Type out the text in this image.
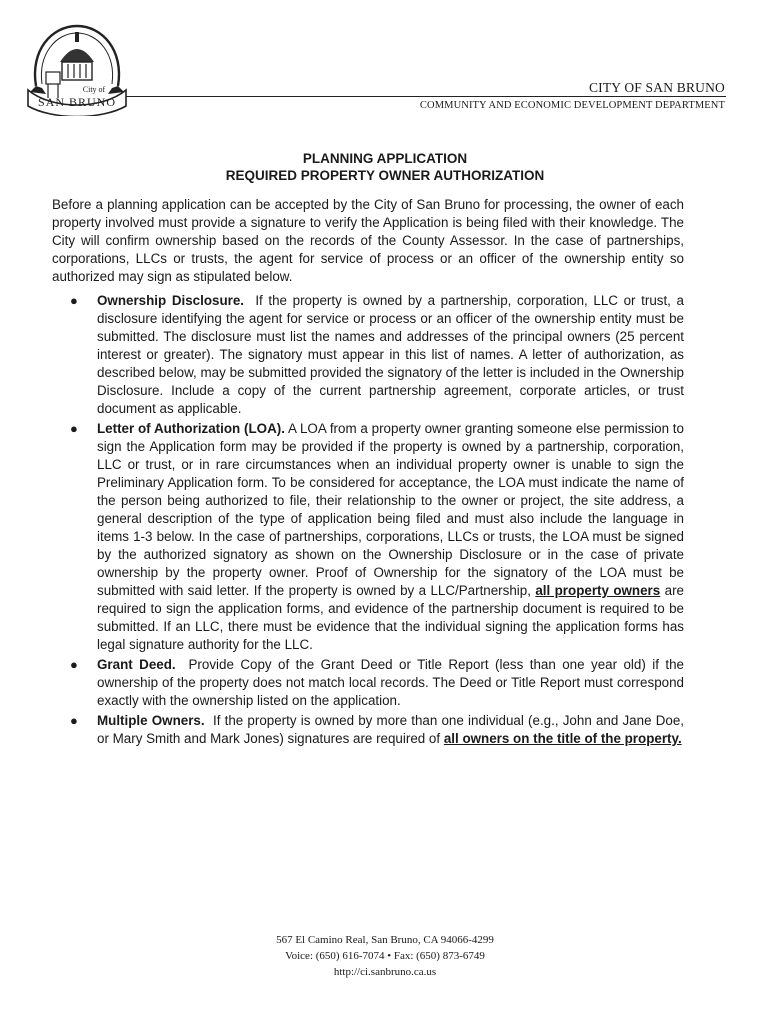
City of
SAN BRUNO
CITY OF SAN BRUNO
COMMUNITY AND ECONOMIC DEVELOPMENT DEPARTMENT
PLANNING APPLICATION
REQUIRED PROPERTY OWNER AUTHORIZATION

Before a planning application can be accepted by the City of San Bruno for processing, the owner of each property involved must provide a signature to verify the Application is being filed with their knowledge. The City will confirm ownership based on the records of the County Assessor. In the case of partnerships, corporations, LLCs or trusts, the agent for service of process or an officer of the ownership entity so authorized may sign as stipulated below.

● Ownership Disclosure. If the property is owned by a partnership, corporation, LLC or trust, a disclosure identifying the agent for service or process or an officer of the ownership entity must be submitted. The disclosure must list the names and addresses of the principal owners (25 percent interest or greater). The signatory must appear in this list of names. A letter of authorization, as described below, may be submitted provided the signatory of the letter is included in the Ownership Disclosure. Include a copy of the current partnership agreement, corporate articles, or trust document as applicable.
● Letter of Authorization (LOA). A LOA from a property owner granting someone else permission to sign the Application form may be provided if the property is owned by a partnership, corporation, LLC or trust, or in rare circumstances when an individual property owner is unable to sign the Preliminary Application form. To be considered for acceptance, the LOA must indicate the name of the person being authorized to file, their relationship to the owner or project, the site address, a general description of the type of application being filed and must also include the language in items 1-3 below. In the case of partnerships, corporations, LLCs or trusts, the LOA must be signed by the authorized signatory as shown on the Ownership Disclosure or in the case of private ownership by the property owner. Proof of Ownership for the signatory of the LOA must be submitted with said letter. If the property is owned by a LLC/Partnership, all property owners are required to sign the application forms, and evidence of the partnership document is required to be submitted. If an LLC, there must be evidence that the individual signing the application forms has legal signature authority for the LLC.
● Grant Deed. Provide Copy of the Grant Deed or Title Report (less than one year old) if the ownership of the property does not match local records. The Deed or Title Report must correspond exactly with the ownership listed on the application.
● Multiple Owners. If the property is owned by more than one individual (e.g., John and Jane Doe, or Mary Smith and Mark Jones) signatures are required of all owners on the title of the property.
567 El Camino Real, San Bruno, CA 94066-4299
Voice: (650) 616-7074 • Fax: (650) 873-6749
http://ci.sanbruno.ca.us
